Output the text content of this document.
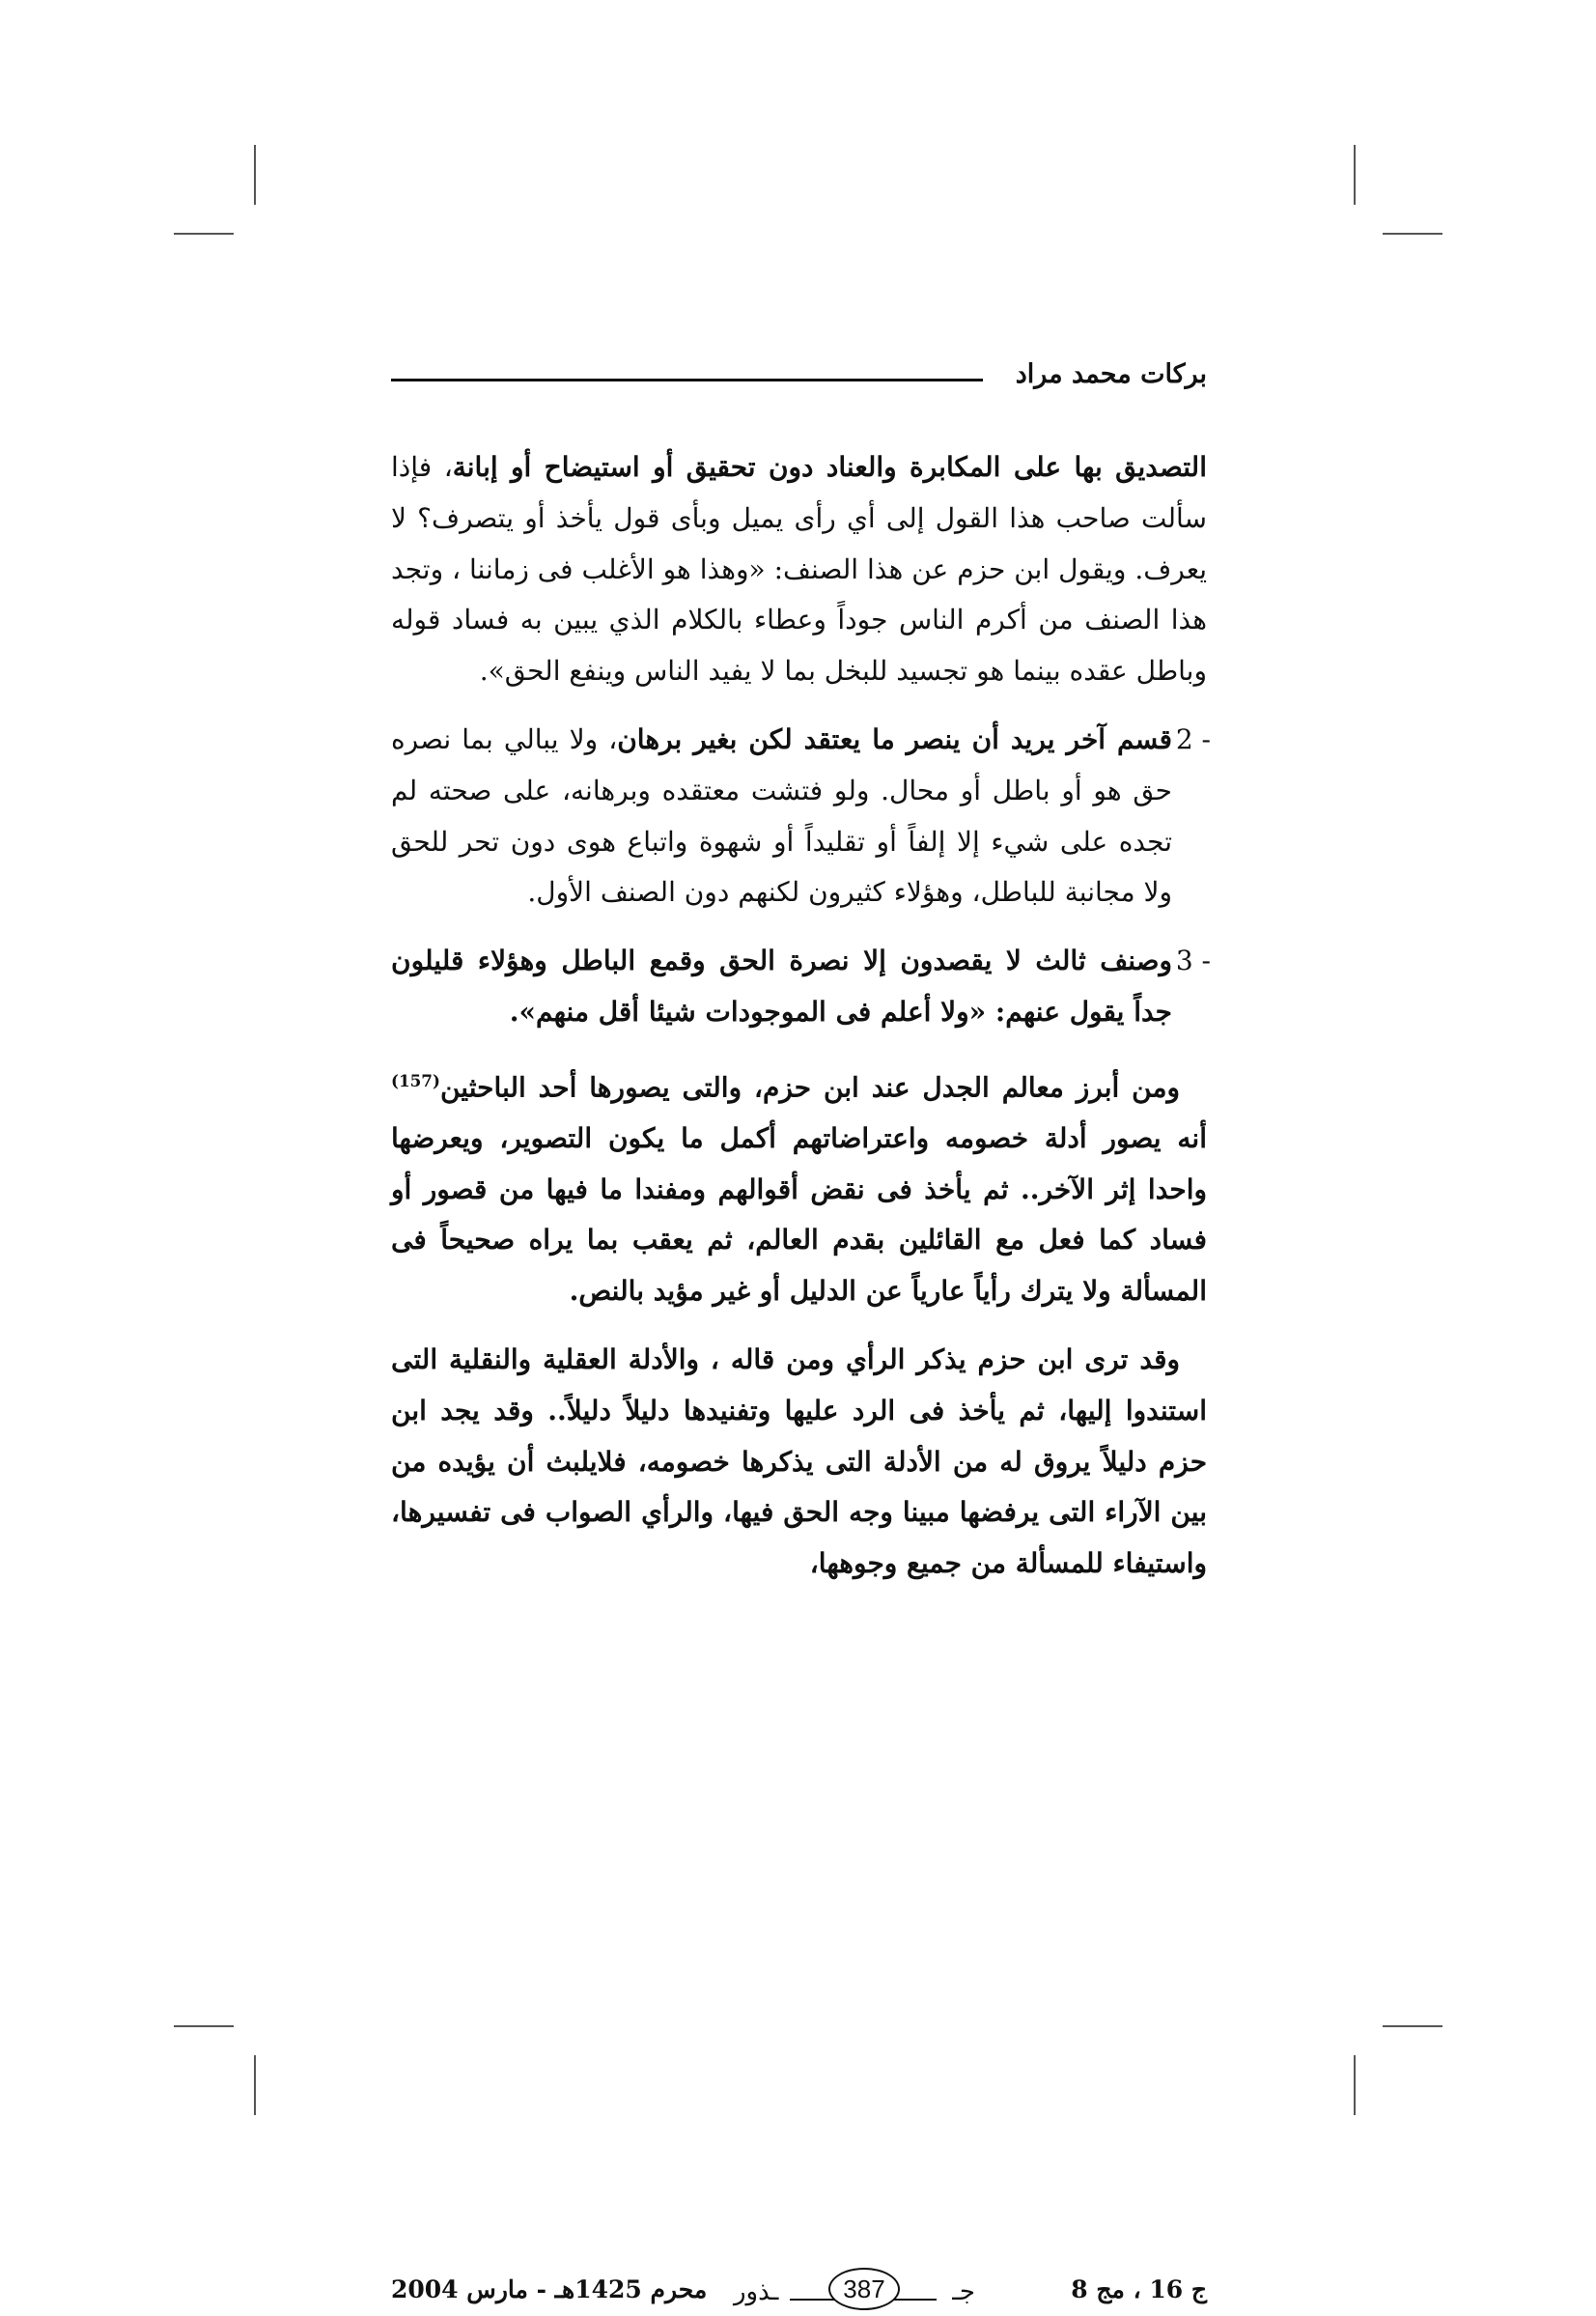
بركات محمد مراد

التصديق بها على المكابرة والعناد دون تحقيق أو استيضاح أو إبانة، فإذا سألت صاحب هذا القول إلى أي رأى يميل وبأى قول يأخذ أو يتصرف؟ لا يعرف. ويقول ابن حزم عن هذا الصنف: «وهذا هو الأغلب فى زماننا ، وتجد هذا الصنف من أكرم الناس جوداً وعطاء بالكلام الذي يبين به فساد قوله وباطل عقده بينما هو تجسيد للبخل بما لا يفيد الناس وينفع الحق».

2 -
قسم آخر يريد أن ينصر ما يعتقد لكن بغير برهان، ولا يبالي بما نصره حق هو أو باطل أو محال. ولو فتشت معتقده وبرهانه، على صحته لم تجده على شيء إلا إلفاً أو تقليداً أو شهوة واتباع هوى دون تحر للحق ولا مجانبة للباطل، وهؤلاء كثيرون لكنهم دون الصنف الأول.

3 -
وصنف ثالث لا يقصدون إلا نصرة الحق وقمع الباطل وهؤلاء قليلون جداً يقول عنهم: «ولا أعلم فى الموجودات شيئا أقل منهم».

ومن أبرز معالم الجدل عند ابن حزم، والتى يصورها أحد الباحثين$^{(157)}$ أنه يصور أدلة خصومه واعتراضاتهم أكمل ما يكون التصوير، ويعرضها واحدا إثر الآخر.. ثم يأخذ فى نقض أقوالهم ومفندا ما فيها من قصور أو فساد كما فعل مع القائلين بقدم العالم، ثم يعقب بما يراه صحيحاً فى المسألة ولا يترك رأياً عارياً عن الدليل أو غير مؤيد بالنص.

وقد ترى ابن حزم يذكر الرأي ومن قاله ، والأدلة العقلية والنقلية التى استندوا إليها، ثم يأخذ فى الرد عليها وتفنيدها دليلاً دليلاً.. وقد يجد ابن حزم دليلاً يروق له من الأدلة التى يذكرها خصومه، فلايلبث أن يؤيده من بين الآراء التى يرفضها مبينا وجه الحق فيها، والرأي الصواب فى تفسيرها، واستيفاء للمسألة من جميع وجوهها،

ج 16 ، مج 8
ـذور	جـ
387
محرم 1425هـ - مارس 2004
